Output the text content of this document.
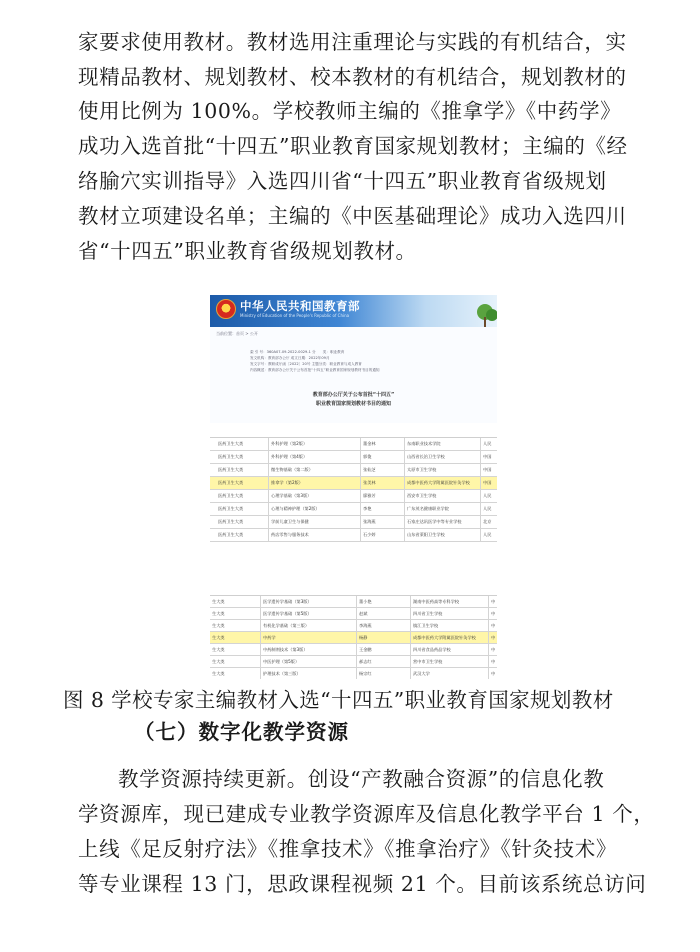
家要求使用教材。教材选用注重理论与实践的有机结合，实
现精品教材、规划教材、校本教材的有机结合，规划教材的
使用比例为 100%。学校教师主编的《推拿学》《中药学》
成功入选首批“十四五”职业教育国家规划教材；主编的《经
络腧穴实训指导》入选四川省“十四五”职业教育省级规划
教材立项建设名单；主编的《中医基础理论》成功入选四川
省“十四五”职业教育省级规划教材。
中华人民共和国教育部
Ministry of Education of the People's Republic of China
当前位置：首页 > 公开
索 引 号：360A07-09-2022-0029-1 分　　类：职业教育
发文机构：教育部办公厅 成文日期：2022年09月
发文字号：教职成厅函〔2022〕20号 主题分类：职业教育与成人教育
内容概述：教育部办公厅关于公布首批“十四五”职业教育国家规划教材书目的通知
教育部办公厅关于公布首批“十四五”
职业教育国家规划教材书目的通知
医药卫生大类	外科护理（第2版）	董金林	东南职业技术学院	人民
医药卫生大类	外科护理（第4版）	郭俊	山西省长治卫生学校	中国
医药卫生大类	微生物基础（第二版）	张仙芝	太原市卫生学校	中国
医药卫生大类	推拿学（第2版）	张美林	成都中医药大学附属医院针灸学校	中国
医药卫生大类	心理学基础（第3版）	廖雅芳	西安市卫生学校	人民
医药卫生大类	心理与精神护理（第2版）	李艳	广东茂名健康职业学院	人民
医药卫生大类	学前儿童卫生与保健	张海燕	石家庄达讯医学中等专业学校	北京
医药卫生大类	药店零售与服务技术	石少婷	山东省莱阳卫生学校	人民
生大类	医学遗传学基础（第3版）	董小艳	湖南中医药高等专科学校	中
生大类	医学遗传学基础（第5版）	赵斌	四川省卫生学校	中
生大类	有机化学基础（第三版）	李海燕	镇江卫生学校	中
生大类	中药学	杨静	成都中医药大学附属医院针灸学校	中
生大类	中药制剂技术（第3版）	王金鹏	四川省食品药品学校	中
生大类	中医护理（第5版）	郝志红	营中市卫生学校	中
生大类	护理技术（第三版）	杨宗红	武汉大学	中
图 8 学校专家主编教材入选“十四五”职业教育国家规划教材
（七）数字化教学资源
教学资源持续更新。创设“产教融合资源”的信息化教
学资源库，现已建成专业教学资源库及信息化教学平台 1 个，
上线《足反射疗法》《推拿技术》《推拿治疗》《针灸技术》
等专业课程 13 门，思政课程视频 21 个。目前该系统总访问
